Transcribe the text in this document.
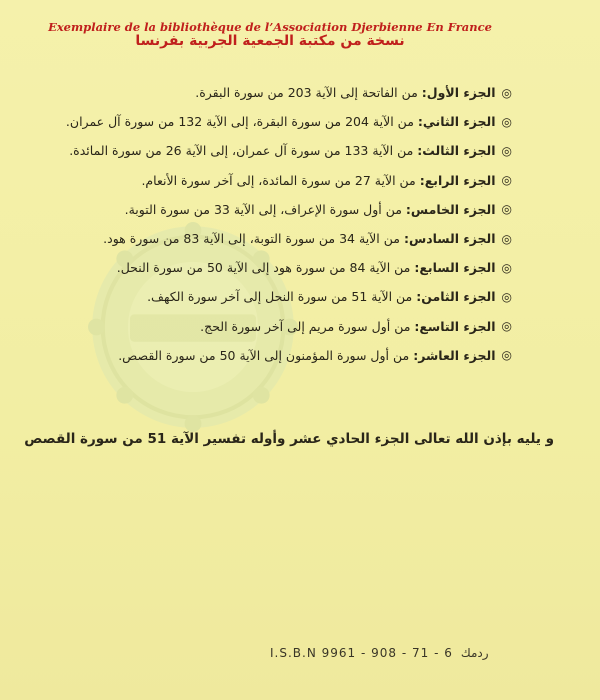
Exemplaire de la bibliothèque de l’Association Djerbienne En France
نسخة من مكتبة الجمعية الجربية بفرنسا
◎
الجزء الأول:

من الفاتحة إلى الآية 203 من سورة البقرة.
◎
الجزء الثاني:

من الآية 204 من سورة البقرة، إلى الآية 132 من سورة آل عمران.
◎
الجزء الثالث:

من الآية 133 من سورة آل عمران، إلى الآية 26 من سورة المائدة.
◎
الجزء الرابع:

من الآية 27 من سورة المائدة، إلى آخر سورة الأنعام.
◎
الجزء الخامس:

من أول سورة الإعراف، إلى الآية 33 من سورة التوبة.
◎
الجزء السادس:

من الآية 34 من سورة التوبة، إلى الآية 83 من سورة هود.
◎
الجزء السابع:

من الآية 84 من سورة هود إلى الآية 50 من سورة النحل.
◎
الجزء الثامن:

من الآية 51 من سورة النحل إلى آخر سورة الكهف.
◎
الجزء التاسع:

من أول سورة مريم إلى آخر سورة الحج.
◎
الجزء العاشر:

من أول سورة المؤمنون إلى الآية 50 من سورة القصص.
و يليه بإذن الله تعالى الجزء الحادي عشر وأوله تفسير الآية 51 من سورة القصص
I.S.B.N 9961 - 908 - 71 - 6 ردمك
